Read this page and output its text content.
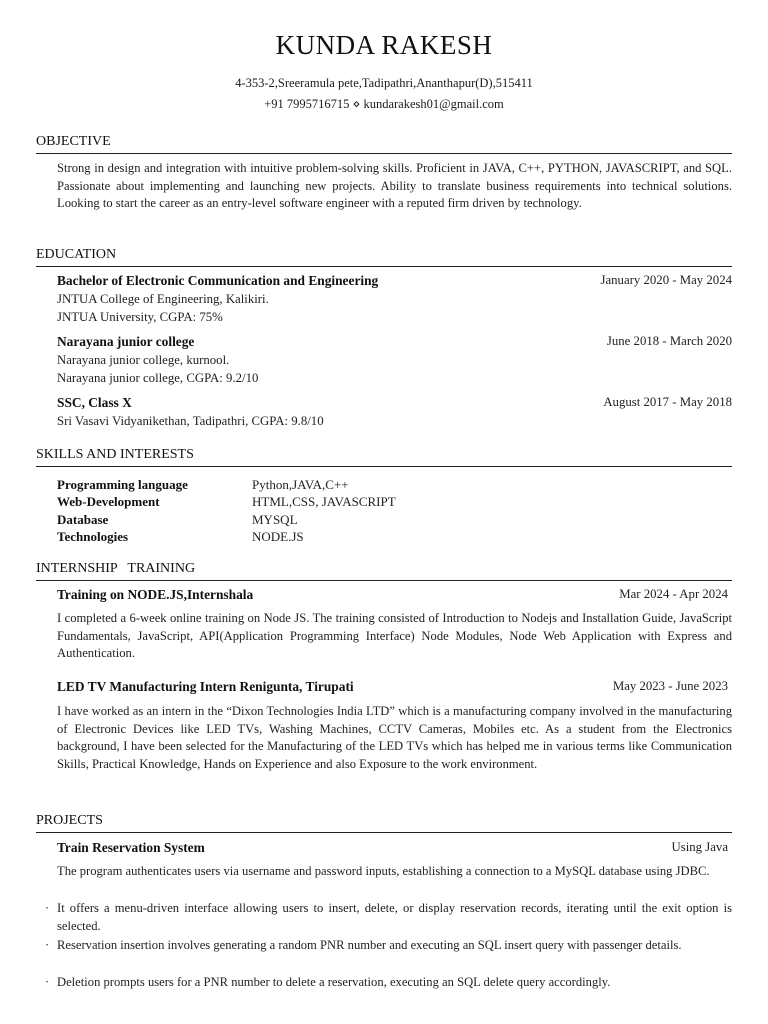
KUNDA RAKESH
4-353-2,Sreeramula pete,Tadipathri,Ananthapur(D),515411
+91 7995716715 ⋄ kundarakesh01@gmail.com
OBJECTIVE
Strong in design and integration with intuitive problem-solving skills. Proficient in JAVA, C++, PYTHON, JAVASCRIPT, and SQL. Passionate about implementing and launching new projects. Ability to translate business requirements into technical solutions. Looking to start the career as an entry-level software engineer with a reputed firm driven by technology.
EDUCATION
Bachelor of Electronic Communication and Engineering	January 2020 - May 2024
JNTUA College of Engineering, Kalikiri.
JNTUA University, CGPA: 75%
Narayana junior college	June 2018 - March 2020
Narayana junior college, kurnool.
Narayana junior college, CGPA: 9.2/10
SSC, Class X	August 2017 - May 2018
Sri Vasavi Vidyanikethan, Tadipathri, CGPA: 9.8/10
SKILLS AND INTERESTS
Programming language	Python,JAVA,C++
Web-Development	HTML,CSS, JAVASCRIPT
Database	MYSQL
Technologies	NODE.JS
INTERNSHIP   TRAINING
Training on NODE.JS,Internshala	Mar 2024 - Apr 2024
I completed a 6-week online training on Node JS. The training consisted of Introduction to Nodejs and Installation Guide, JavaScript Fundamentals, JavaScript, API(Application Programming Interface) Node Modules, Node Web Application with Express and Authentication.
LED TV Manufacturing Intern Renigunta, Tirupati	May 2023 - June 2023
I have worked as an intern in the “Dixon Technologies India LTD” which is a manufacturing company involved in the manufacturing of Electronic Devices like LED TVs, Washing Machines, CCTV Cameras, Mobiles etc. As a student from the Electronics background, I have been selected for the Manufacturing of the LED TVs which has helped me in various terms like Communication Skills, Practical Knowledge, Hands on Experience and also Exposure to the work environment.
PROJECTS
Train Reservation System	Using Java
The program authenticates users via username and password inputs, establishing a connection to a MySQL database using JDBC.
· It offers a menu-driven interface allowing users to insert, delete, or display reservation records, iterating until the exit option is selected.
· Reservation insertion involves generating a random PNR number and executing an SQL insert query with passenger details.
· Deletion prompts users for a PNR number to delete a reservation, executing an SQL delete query accordingly.
